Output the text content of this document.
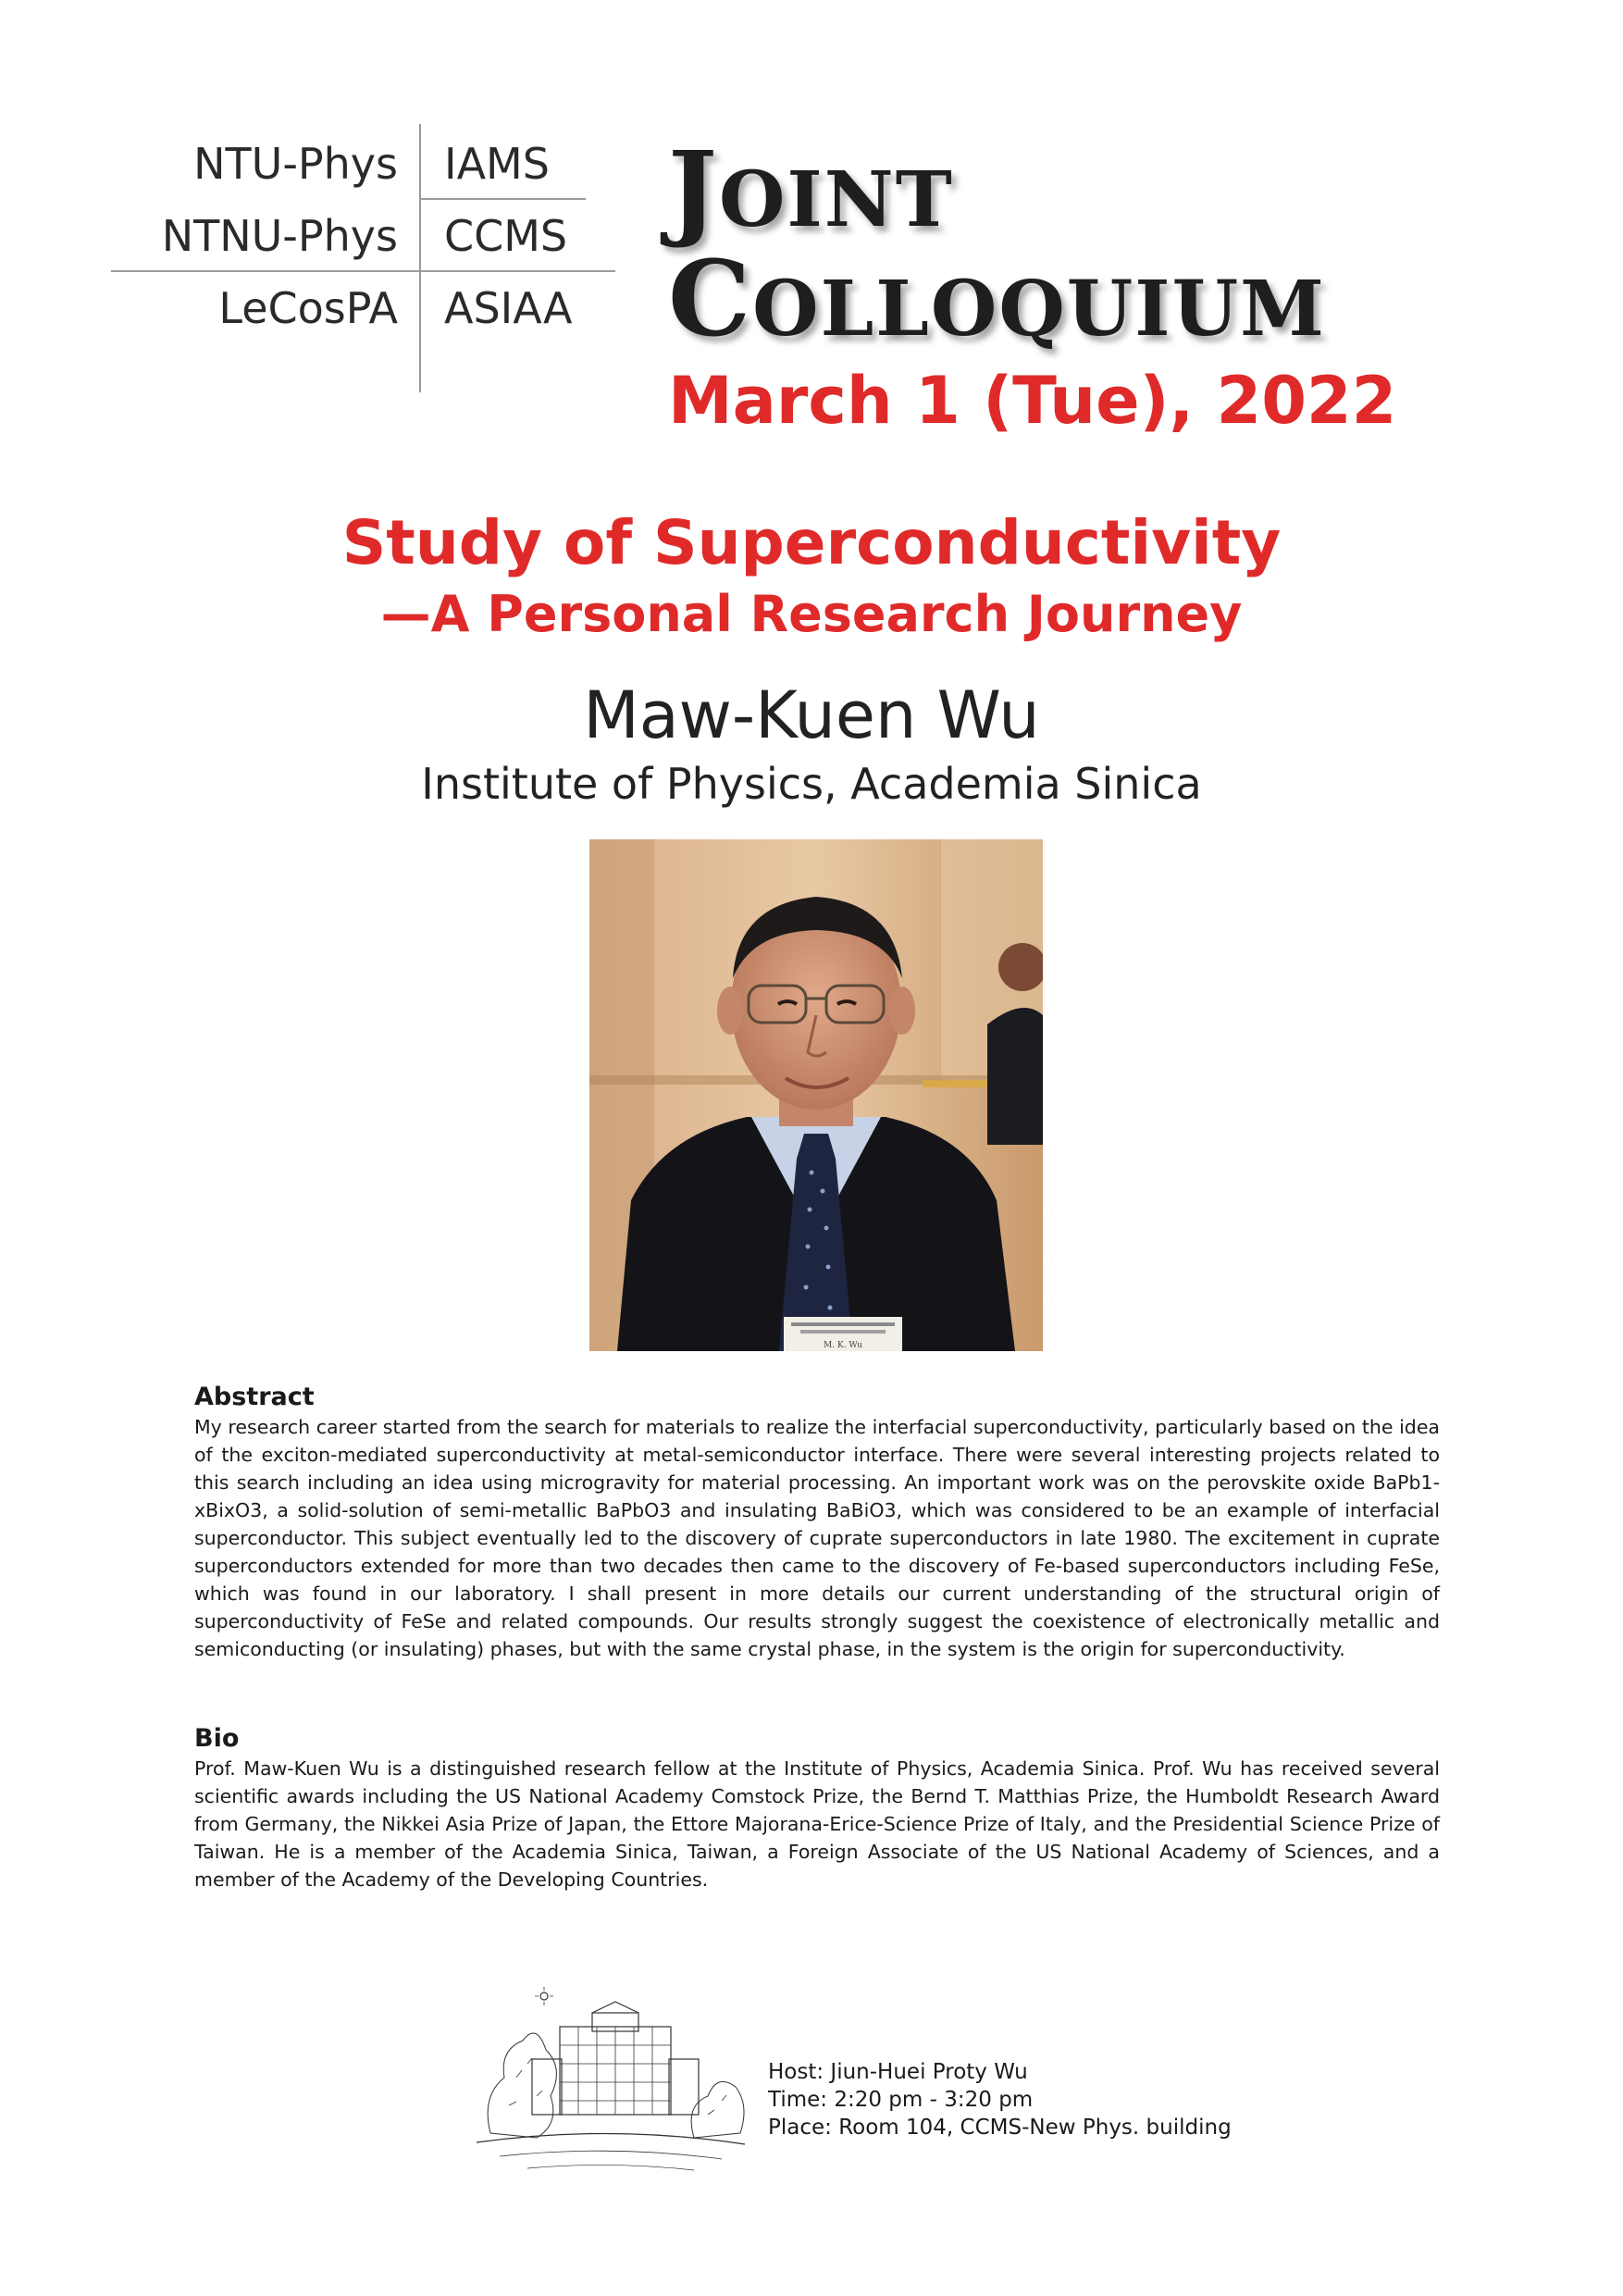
NTU-Phys
NTNU-Phys
LeCosPA
IAMS
CCMS
ASIAA
JOINT
COLLOQUIUM
March 1 (Tue), 2022
Study of Superconductivity
—A Personal Research Journey
Maw-Kuen Wu
Institute of Physics, Academia Sinica
M. K. Wu
Abstract

My research career started from the search for materials to realize the interfacial superconductivity, particularly based on the idea of the exciton-mediated superconductivity at metal-semiconductor interface. There were several interesting projects related to this search including an idea using microgravity for material processing. An important work was on the perovskite oxide BaPb1-xBixO3, a solid-solution of semi-metallic BaPbO3 and insulating BaBiO3, which was considered to be an example of interfacial superconductor. This subject eventually led to the discovery of cuprate superconductors in late 1980. The excitement in cuprate superconductors extended for more than two decades then came to the discovery of Fe-based superconductors including FeSe, which was found in our laboratory. I shall present in more details our current understanding of the structural origin of superconductivity of FeSe and related compounds. Our results strongly suggest the coexistence of electronically metallic and semiconducting (or insulating) phases, but with the same crystal phase, in the system is the origin for superconductivity.

Bio

Prof. Maw-Kuen Wu is a distinguished research fellow at the Institute of Physics, Academia Sinica. Prof. Wu has received several scientific awards including the US National Academy Comstock Prize, the Bernd T. Matthias Prize, the Humboldt Research Award from Germany, the Nikkei Asia Prize of Japan, the Ettore Majorana-Erice-Science Prize of Italy, and the Presidential Science Prize of Taiwan. He is a member of the Academia Sinica, Taiwan, a Foreign Associate of the US National Academy of Sciences, and a member of the Academy of the Developing Countries.

Host: Jiun-Huei Proty Wu
Time: 2:20 pm - 3:20 pm
Place: Room 104, CCMS-New Phys. building
